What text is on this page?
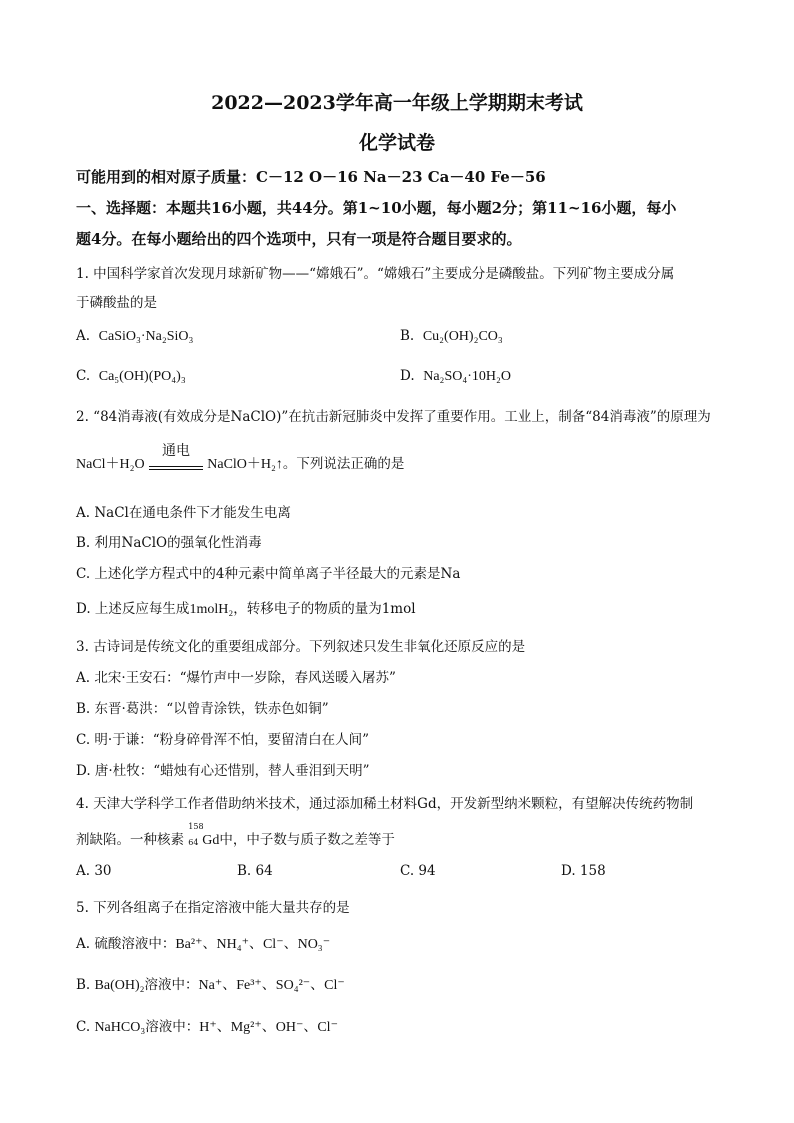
2022—2023学年高一年级上学期期末考试
化学试卷
可能用到的相对原子质量：C－12 O－16 Na－23 Ca－40 Fe－56
一、选择题：本题共16小题，共44分。第1~10小题，每小题2分；第11~16小题，每小
题4分。在每小题给出的四个选项中，只有一项是符合题目要求的。
1. 中国科学家首次发现月球新矿物——“嫦娥石”。“嫦娥石”主要成分是磷酸盐。下列矿物主要成分属
于磷酸盐的是
A. CaSiO₃·Na₂SiO₃	B. Cu₂(OH)₂CO₃
C. Ca₅(OH)(PO₄)₃	D. Na₂SO₄·10H₂O
2. “84消毒液(有效成分是NaClO)”在抗击新冠肺炎中发挥了重要作用。工业上，制备“84消毒液”的原理为
NaCl＋H₂O
通电
NaClO＋H₂↑。下列说法正确的是
A. NaCl在通电条件下才能发生电离
B. 利用NaClO的强氧化性消毒
C. 上述化学方程式中的4种元素中简单离子半径最大的元素是Na
D. 上述反应每生成1molH₂，转移电子的物质的量为1mol
3. 古诗词是传统文化的重要组成部分。下列叙述只发生非氧化还原反应的是
A. 北宋·王安石：“爆竹声中一岁除，春风送暖入屠苏”
B. 东晋·葛洪：“以曾青涂铁，铁赤色如铜”
C. 明·于谦：“粉身碎骨浑不怕，要留清白在人间”
D. 唐·杜牧：“蜡烛有心还惜别，替人垂泪到天明”
4. 天津大学科学工作者借助纳米技术，通过添加稀土材料Gd，开发新型纳米颗粒，有望解决传统药物制
剂缺陷。一种核素
158
64 Gd中，中子数与质子数之差等于
A. 30	B. 64	C. 94	D. 158
5. 下列各组离子在指定溶液中能大量共存的是
A. 硫酸溶液中：Ba²⁺、NH₄⁺、Cl⁻、NO₃⁻
B. Ba(OH)₂溶液中：Na⁺、Fe³⁺、SO₄²⁻、Cl⁻
C. NaHCO₃溶液中：H⁺、Mg²⁺、OH⁻、Cl⁻
